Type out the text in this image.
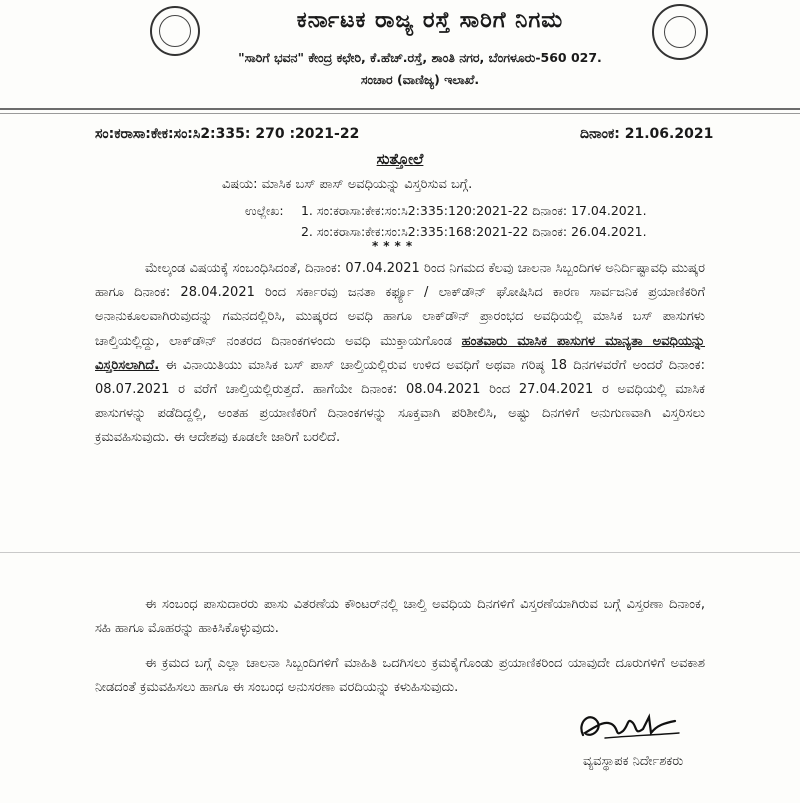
ಕರ್ನಾಟಕ ರಾಜ್ಯ ರಸ್ತೆ ಸಾರಿಗೆ ನಿಗಮ
"ಸಾರಿಗೆ ಭವನ" ಕೇಂದ್ರ ಕಛೇರಿ, ಕೆ.ಹೆಚ್.ರಸ್ತೆ, ಶಾಂತಿ ನಗರ, ಬೆಂಗಳೂರು-560 027.
ಸಂಚಾರ (ವಾಣಿಜ್ಯ) ಇಲಾಖೆ.
ಸಂ:ಕರಾಸಾ:ಕೇಕ:ಸಂ:ಸಿ2:335: 270 :2021-22	ದಿನಾಂಕ: 21.06.2021
ಸುತ್ತೋಲೆ
ವಿಷಯ: ಮಾಸಿಕ ಬಸ್ ಪಾಸ್ ಅವಧಿಯನ್ನು ವಿಸ್ತರಿಸುವ ಬಗ್ಗೆ.
ಉಲ್ಲೇಖ: 1. ಸಂ:ಕರಾಸಾ:ಕೇಕ:ಸಂ:ಸಿ2:335:120:2021-22 ದಿನಾಂಕ: 17.04.2021.
2. ಸಂ:ಕರಾಸಾ:ಕೇಕ:ಸಂ:ಸಿ2:335:168:2021-22 ದಿನಾಂಕ: 26.04.2021.
****

ಮೇಲ್ಕಂಡ ವಿಷಯಕ್ಕೆ ಸಂಬಂಧಿಸಿದಂತೆ, ದಿನಾಂಕ: 07.04.2021 ರಿಂದ ನಿಗಮದ ಕೆಲವು ಚಾಲನಾ ಸಿಬ್ಬಂದಿಗಳ ಅನಿರ್ದಿಷ್ಟಾವಧಿ ಮುಷ್ಕರ ಹಾಗೂ ದಿನಾಂಕ: 28.04.2021 ರಿಂದ ಸರ್ಕಾರವು ಜನತಾ ಕರ್ಫ್ಯೂ / ಲಾಕ್‌ಡೌನ್ ಘೋಷಿಸಿದ ಕಾರಣ ಸಾರ್ವಜನಿಕ ಪ್ರಯಾಣಿಕರಿಗೆ ಅನಾನುಕೂಲವಾಗಿರುವುದನ್ನು ಗಮನದಲ್ಲಿರಿಸಿ, ಮುಷ್ಕರದ ಅವಧಿ ಹಾಗೂ ಲಾಕ್‌ಡೌನ್ ಪ್ರಾರಂಭದ ಅವಧಿಯಲ್ಲಿ ಮಾಸಿಕ ಬಸ್ ಪಾಸುಗಳು ಚಾಲ್ತಿಯಲ್ಲಿದ್ದು, ಲಾಕ್‌ಡೌನ್ ನಂತರದ ದಿನಾಂಕಗಳಂದು ಅವಧಿ ಮುಕ್ತಾಯಗೊಂಡ ಹಂತವಾರು ಮಾಸಿಕ ಪಾಸುಗಳ ಮಾನ್ಯತಾ ಅವಧಿಯನ್ನು ವಿಸ್ತರಿಸಲಾಗಿದೆ. ಈ ವಿನಾಯಿತಿಯು ಮಾಸಿಕ ಬಸ್ ಪಾಸ್ ಚಾಲ್ತಿಯಲ್ಲಿರುವ ಉಳಿದ ಅವಧಿಗೆ ಅಥವಾ ಗರಿಷ್ಠ 18 ದಿನಗಳವರೆಗೆ ಅಂದರೆ ದಿನಾಂಕ: 08.07.2021 ರ ವರೆಗೆ ಚಾಲ್ತಿಯಲ್ಲಿರುತ್ತದೆ. ಹಾಗೆಯೇ ದಿನಾಂಕ: 08.04.2021 ರಿಂದ 27.04.2021 ರ ಅವಧಿಯಲ್ಲಿ ಮಾಸಿಕ ಪಾಸುಗಳನ್ನು ಪಡೆದಿದ್ದಲ್ಲಿ, ಅಂತಹ ಪ್ರಯಾಣಿಕರಿಗೆ ದಿನಾಂಕಗಳನ್ನು ಸೂಕ್ತವಾಗಿ ಪರಿಶೀಲಿಸಿ, ಅಷ್ಟು ದಿನಗಳಿಗೆ ಅನುಗುಣವಾಗಿ ವಿಸ್ತರಿಸಲು ಕ್ರಮವಹಿಸುವುದು. ಈ ಆದೇಶವು ಕೂಡಲೇ ಜಾರಿಗೆ ಬರಲಿದೆ.

ಈ ಸಂಬಂಧ ಪಾಸುದಾರರು ಪಾಸು ವಿತರಣೆಯ ಕೌಂಟರ್‌ನಲ್ಲಿ ಚಾಲ್ತಿ ಅವಧಿಯ ದಿನಗಳಿಗೆ ವಿಸ್ತರಣೆಯಾಗಿರುವ ಬಗ್ಗೆ ವಿಸ್ತರಣಾ ದಿನಾಂಕ, ಸಹಿ ಹಾಗೂ ಮೊಹರನ್ನು ಹಾಕಿಸಿಕೊಳ್ಳುವುದು.

ಈ ಕ್ರಮದ ಬಗ್ಗೆ ಎಲ್ಲಾ ಚಾಲನಾ ಸಿಬ್ಬಂದಿಗಳಿಗೆ ಮಾಹಿತಿ ಒದಗಿಸಲು ಕ್ರಮಕೈಗೊಂಡು ಪ್ರಯಾಣಿಕರಿಂದ ಯಾವುದೇ ದೂರುಗಳಿಗೆ ಅವಕಾಶ ನೀಡದಂತೆ ಕ್ರಮವಹಿಸಲು ಹಾಗೂ ಈ ಸಂಬಂಧ ಅನುಸರಣಾ ವರದಿಯನ್ನು ಕಳುಹಿಸುವುದು.

ವ್ಯವಸ್ಥಾಪಕ ನಿರ್ದೇಶಕರು
